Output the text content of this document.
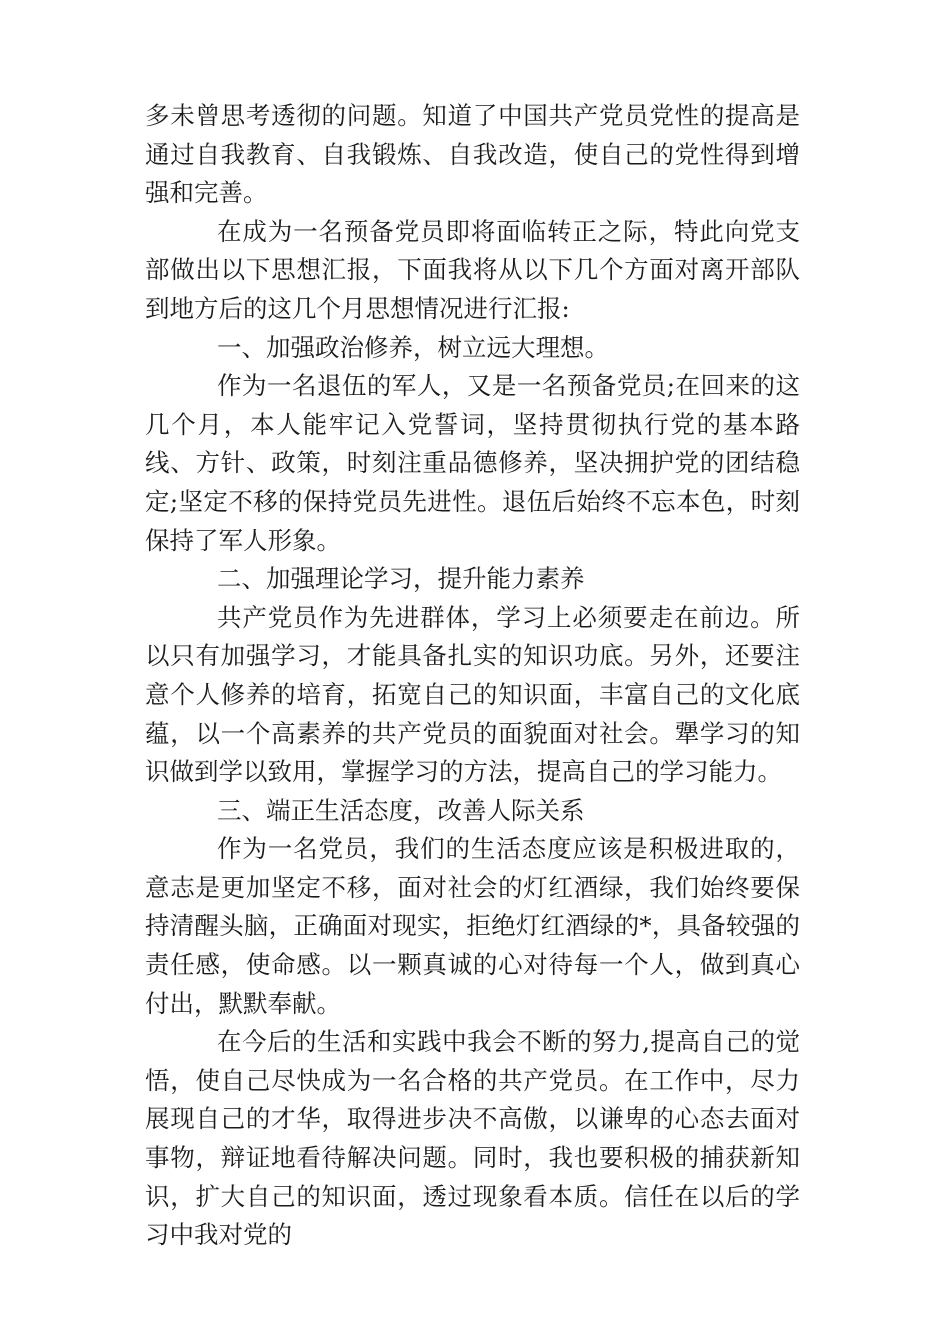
多未曾思考透彻的问题。知道了中国共产党员党性的提高是通过自我教育、自我锻炼、自我改造，使自己的党性得到增强和完善。

在成为一名预备党员即将面临转正之际，特此向党支部做出以下思想汇报，下面我将从以下几个方面对离开部队到地方后的这几个月思想情况进行汇报:

一、加强政治修养，树立远大理想。

作为一名退伍的军人，又是一名预备党员;在回来的这几个月，本人能牢记入党誓词，坚持贯彻执行党的基本路线、方针、政策，时刻注重品德修养，坚决拥护党的团结稳定;坚定不移的保持党员先进性。退伍后始终不忘本色，时刻保持了军人形象。

二、加强理论学习，提升能力素养

共产党员作为先进群体，学习上必须要走在前边。所以只有加强学习，才能具备扎实的知识功底。另外，还要注意个人修养的培育，拓宽自己的知识面，丰富自己的文化底蕴，以一个高素养的共产党员的面貌面对社会。犟学习的知识做到学以致用，掌握学习的方法，提高自己的学习能力。

三、端正生活态度，改善人际关系

作为一名党员，我们的生活态度应该是积极进取的，意志是更加坚定不移，面对社会的灯红酒绿，我们始终要保持清醒头脑，正确面对现实，拒绝灯红酒绿的*，具备较强的责任感，使命感。以一颗真诚的心对待每一个人，做到真心付出，默默奉献。

在今后的生活和实践中我会不断的努力,提高自己的觉悟，使自己尽快成为一名合格的共产党员。在工作中，尽力展现自己的才华，取得进步决不高傲，以谦卑的心态去面对事物，辩证地看待解决问题。同时，我也要积极的捕获新知识，扩大自己的知识面，透过现象看本质。信任在以后的学习中我对党的
